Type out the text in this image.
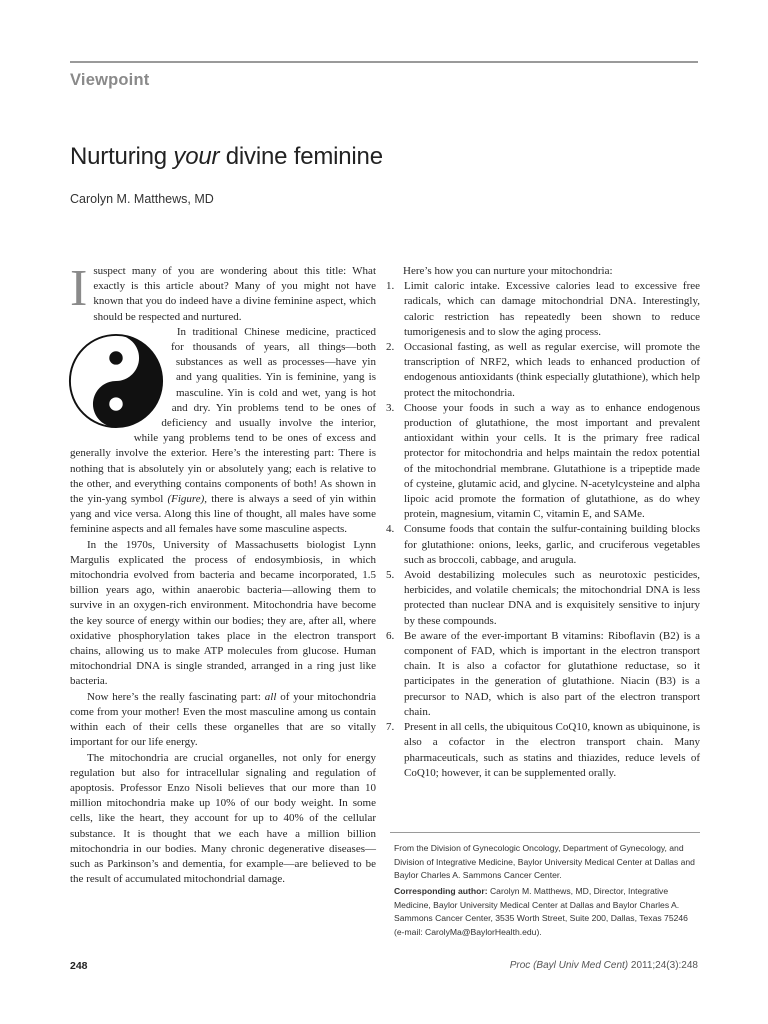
Viewpoint
Nurturing your divine feminine
Carolyn M. Matthews, MD

Isuspect many of you are wondering about this title: What exactly is this article about? Many of you might not have known that you do indeed have a divine feminine aspect, which should be respected and nurtured.

In traditional Chinese medicine, practiced for thousands of years, all things—both substances as well as processes—have yin and yang qualities. Yin is feminine, yang is masculine. Yin is cold and wet, yang is hot and dry. Yin problems tend to be ones of deficiency and usually involve the interior, while yang problems tend to be ones of excess and generally involve the exterior. Here’s the interesting part: There is nothing that is absolutely yin or absolutely yang; each is relative to the other, and everything contains components of both! As shown in the yin-yang symbol (Figure), there is always a seed of yin within yang and vice versa. Along this line of thought, all males have some feminine aspects and all females have some masculine aspects.

In the 1970s, University of Massachusetts biologist Lynn Margulis explicated the process of endosymbiosis, in which mitochondria evolved from bacteria and became incorporated, 1.5 billion years ago, within anaerobic bacteria—allowing them to survive in an oxygen-rich environment. Mitochondria have become the key source of energy within our bodies; they are, after all, where oxidative phosphorylation takes place in the electron transport chains, allowing us to make ATP molecules from glucose. Human mitochondrial DNA is single stranded, arranged in a ring just like bacteria.

Now here’s the really fascinating part: all of your mitochondria come from your mother! Even the most masculine among us contain within each of their cells these organelles that are so vitally important for our life energy.

The mitochondria are crucial organelles, not only for energy regulation but also for intracellular signaling and regulation of apoptosis. Professor Enzo Nisoli believes that our more than 10 million mitochondria make up 10% of our body weight. In some cells, like the heart, they account for up to 40% of the cellular substance. It is thought that we each have a million billion mitochondria in our bodies. Many chronic degenerative diseases—such as Parkinson’s and dementia, for example—are believed to be the result of accumulated mitochondrial damage.

Here’s how you can nurture your mitochondria:

1. Limit caloric intake. Excessive calories lead to excessive free radicals, which can damage mitochondrial DNA. Interestingly, caloric restriction has repeatedly been shown to reduce tumorigenesis and to slow the aging process.
2. Occasional fasting, as well as regular exercise, will promote the transcription of NRF2, which leads to enhanced production of endogenous antioxidants (think especially glutathione), which help protect the mitochondria.
3. Choose your foods in such a way as to enhance endogenous production of glutathione, the most important and prevalent antioxidant within your cells. It is the primary free radical protector for mitochondria and helps maintain the redox potential of the mitochondrial membrane. Glutathione is a tripeptide made of cysteine, glutamic acid, and glycine. N-acetylcysteine and alpha lipoic acid promote the formation of glutathione, as do whey protein, magnesium, vitamin C, vitamin E, and SAMe.
4. Consume foods that contain the sulfur-containing building blocks for glutathione: onions, leeks, garlic, and cruciferous vegetables such as broccoli, cabbage, and arugula.
5. Avoid destabilizing molecules such as neurotoxic pesticides, herbicides, and volatile chemicals; the mitochondrial DNA is less protected than nuclear DNA and is exquisitely sensitive to injury by these compounds.
6. Be aware of the ever-important B vitamins: Riboflavin (B2) is a component of FAD, which is important in the electron transport chain. It is also a cofactor for glutathione reductase, so it participates in the generation of glutathione. Niacin (B3) is a precursor to NAD, which is also part of the electron transport chain.
7. Present in all cells, the ubiquitous CoQ10, known as ubiquinone, is also a cofactor in the electron transport chain. Many pharmaceuticals, such as statins and thiazides, reduce levels of CoQ10; however, it can be supplemented orally.
From the Division of Gynecologic Oncology, Department of Gynecology, and Division of Integrative Medicine, Baylor University Medical Center at Dallas and Baylor Charles A. Sammons Cancer Center.
Corresponding author: Carolyn M. Matthews, MD, Director, Integrative Medicine, Baylor University Medical Center at Dallas and Baylor Charles A. Sammons Cancer Center, 3535 Worth Street, Suite 200, Dallas, Texas 75246 (e-mail: CarolyMa@BaylorHealth.edu).
248	Proc (Bayl Univ Med Cent) 2011;24(3):248
